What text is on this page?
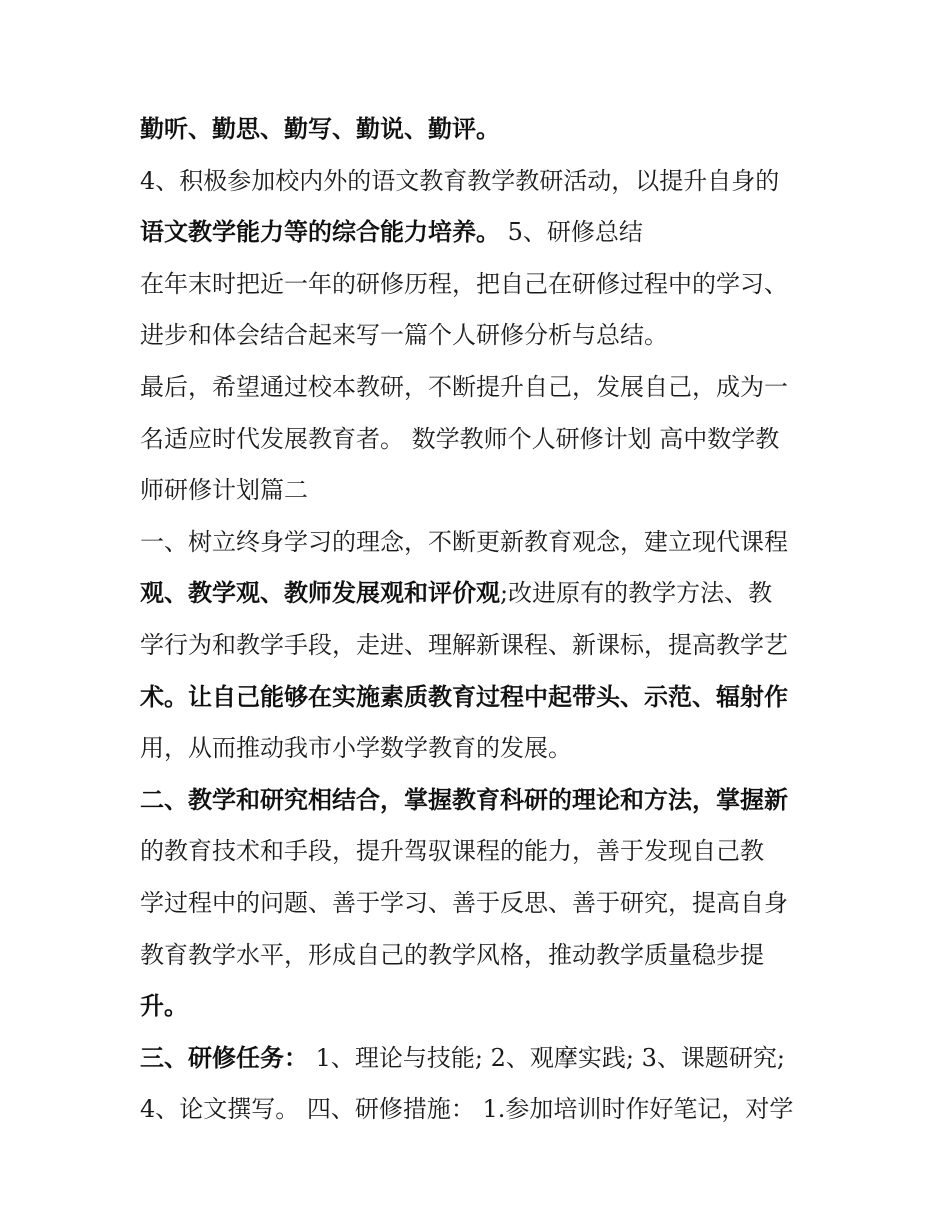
勤听、勤思、勤写、勤说、勤评。
4、积极参加校内外的语文教育教学教研活动，以提升自身的
语文教学能力等的综合能力培养。 5、研修总结
在年末时把近一年的研修历程，把自己在研修过程中的学习、
进步和体会结合起来写一篇个人研修分析与总结。
最后，希望通过校本教研，不断提升自己，发展自己，成为一
名适应时代发展教育者。 数学教师个人研修计划 高中数学教
师研修计划篇二
一、树立终身学习的理念，不断更新教育观念，建立现代课程
观、教学观、教师发展观和评价观;改进原有的教学方法、教
学行为和教学手段，走进、理解新课程、新课标，提高教学艺
术。让自己能够在实施素质教育过程中起带头、示范、辐射作
用，从而推动我市小学数学教育的发展。
二、教学和研究相结合，掌握教育科研的理论和方法，掌握新
的教育技术和手段，提升驾驭课程的能力，善于发现自己教
学过程中的问题、善于学习、善于反思、善于研究，提高自身
教育教学水平，形成自己的教学风格，推动教学质量稳步提
升。
三、研修任务： 1、理论与技能; 2、观摩实践; 3、课题研究;
4、论文撰写。 四、研修措施： 1.参加培训时作好笔记，对学
